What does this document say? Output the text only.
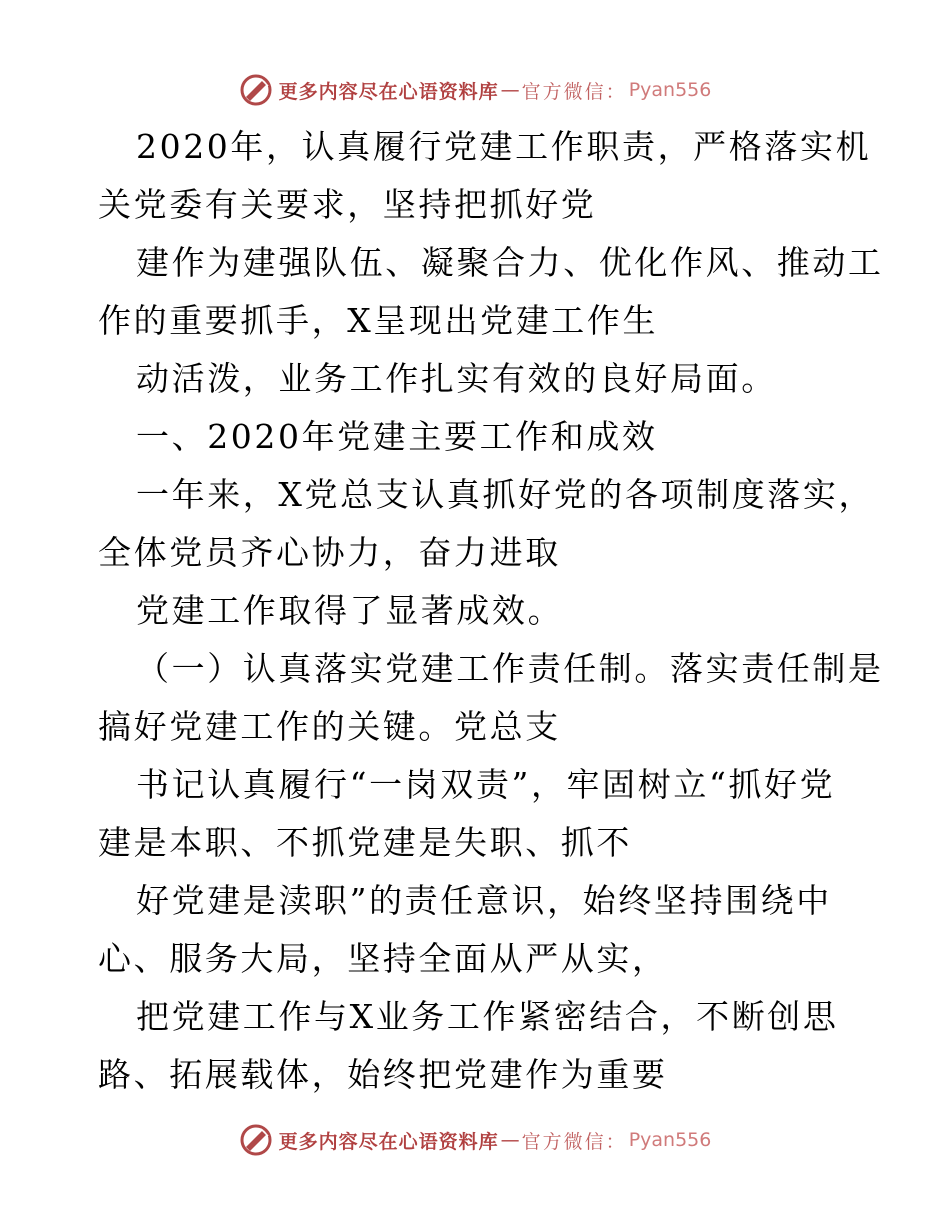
更多内容尽在心语资料库 — 官方微信： Pyan556
2020年，认真履行党建工作职责，严格落实机
关党委有关要求，坚持把抓好党
建作为建强队伍、凝聚合力、优化作风、推动工
作的重要抓手，X呈现出党建工作生
动活泼，业务工作扎实有效的良好局面。
一、2020年党建主要工作和成效
一年来，X党总支认真抓好党的各项制度落实，
全体党员齐心协力，奋力进取
党建工作取得了显著成效。
（一）认真落实党建工作责任制。落实责任制是
搞好党建工作的关键。党总支
书记认真履行“一岗双责”，牢固树立“抓好党
建是本职、不抓党建是失职、抓不
好党建是渎职”的责任意识，始终坚持围绕中
心、服务大局，坚持全面从严从实，
把党建工作与X业务工作紧密结合，不断创思
路、拓展载体，始终把党建作为重要
更多内容尽在心语资料库 — 官方微信： Pyan556
